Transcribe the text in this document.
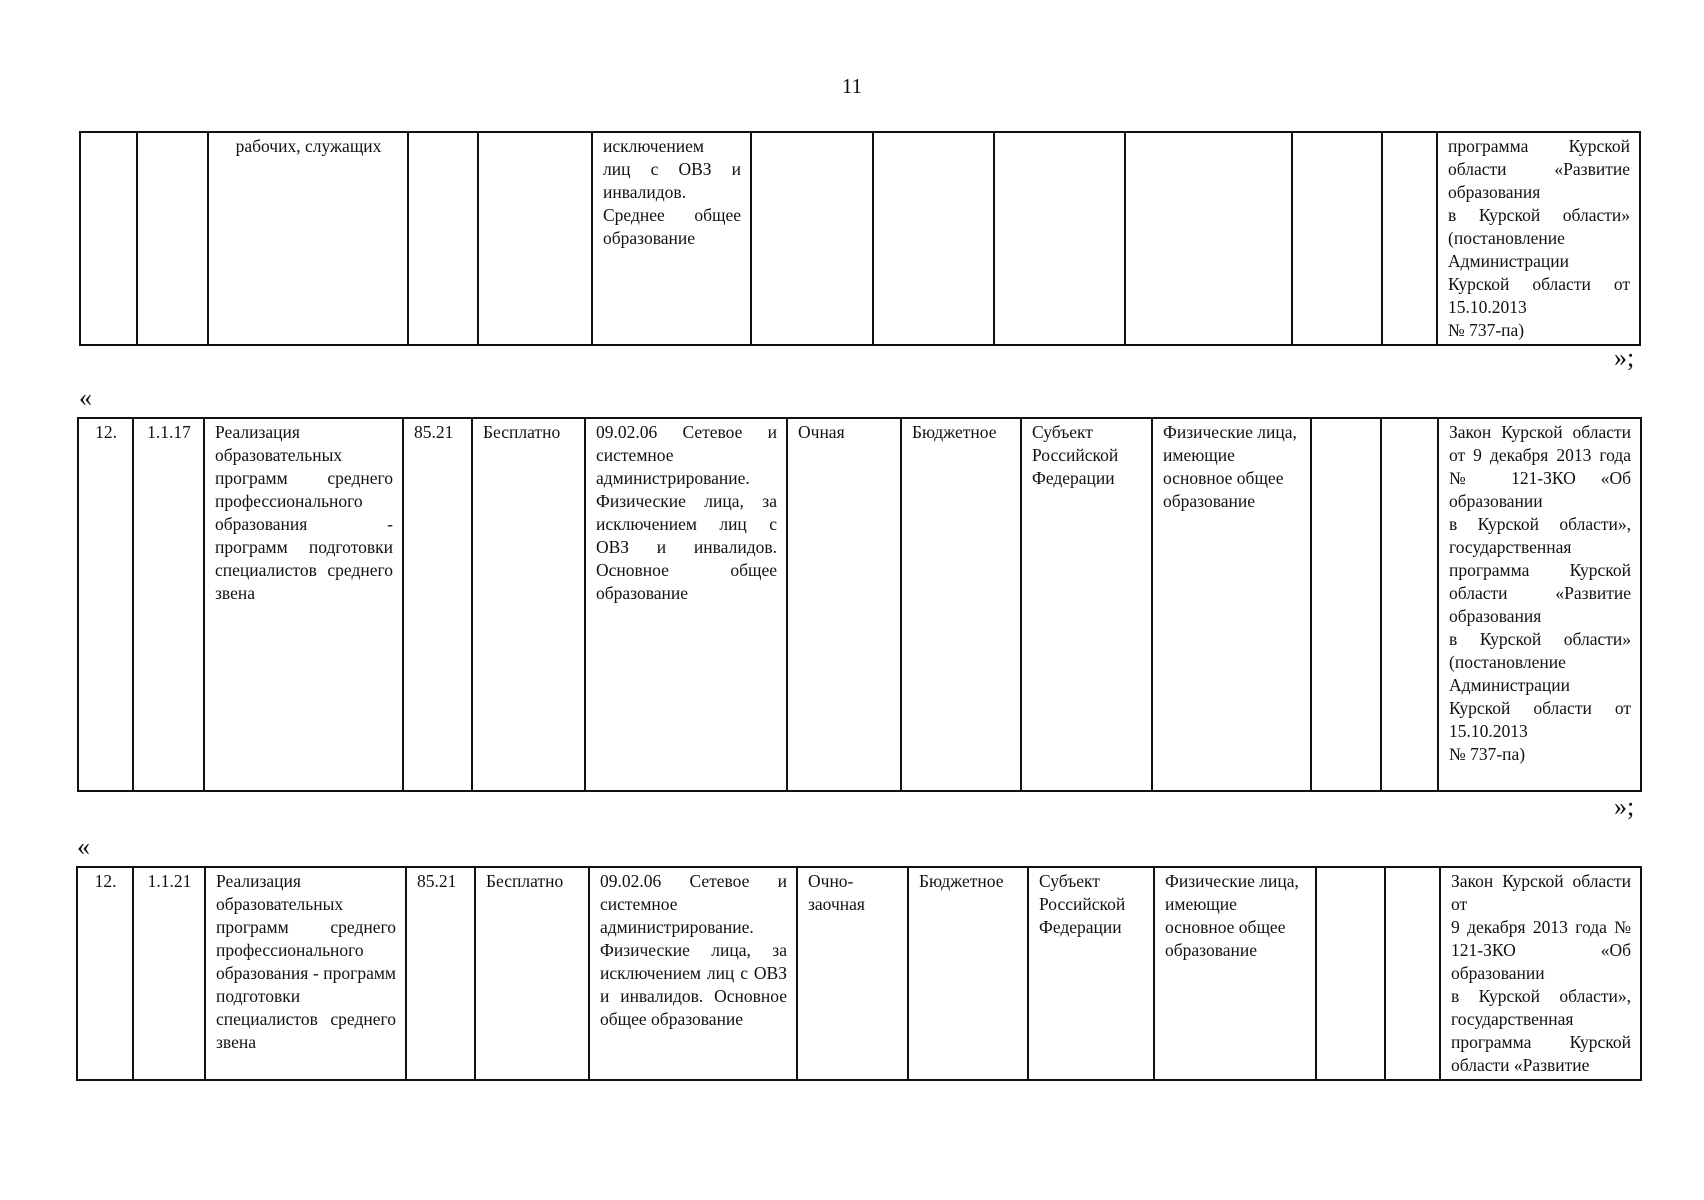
11
		рабочих, служащих			исключением
лиц с ОВЗ и инвалидов.
Среднее общее образование							программа Курской области «Развитие образования
в Курской области» (постановление Администрации Курской области от 15.10.2013
№ 737-па)
»;
«
12.	1.1.17	Реализация образовательных программ среднего профессионального образования - программ подготовки специалистов среднего звена	85.21	Бесплатно	09.02.06 Сетевое и системное администрирование. Физические лица, за исключением лиц с ОВЗ и инвалидов. Основное общее образование	Очная	Бюджетное	Субъект Российской Федерации	Физические лица, имеющие основное общее образование			Закон Курской области от 9 декабря 2013 года № 121-ЗКО «Об образовании
в Курской области», государственная программа Курской области «Развитие образования
в Курской области» (постановление Администрации Курской области от 15.10.2013
№ 737-па)
»;
«
12.	1.1.21	Реализация образовательных программ среднего профессионального образования - программ подготовки специалистов среднего звена	85.21	Бесплатно	09.02.06 Сетевое и системное администрирование. Физические лица, за исключением лиц с ОВЗ и инвалидов. Основное общее образование	Очно-заочная	Бюджетное	Субъект Российской Федерации	Физические лица, имеющие основное общее образование			Закон Курской области от
9 декабря 2013 года № 121-ЗКО «Об образовании
в Курской области», государственная программа Курской области «Развитие
